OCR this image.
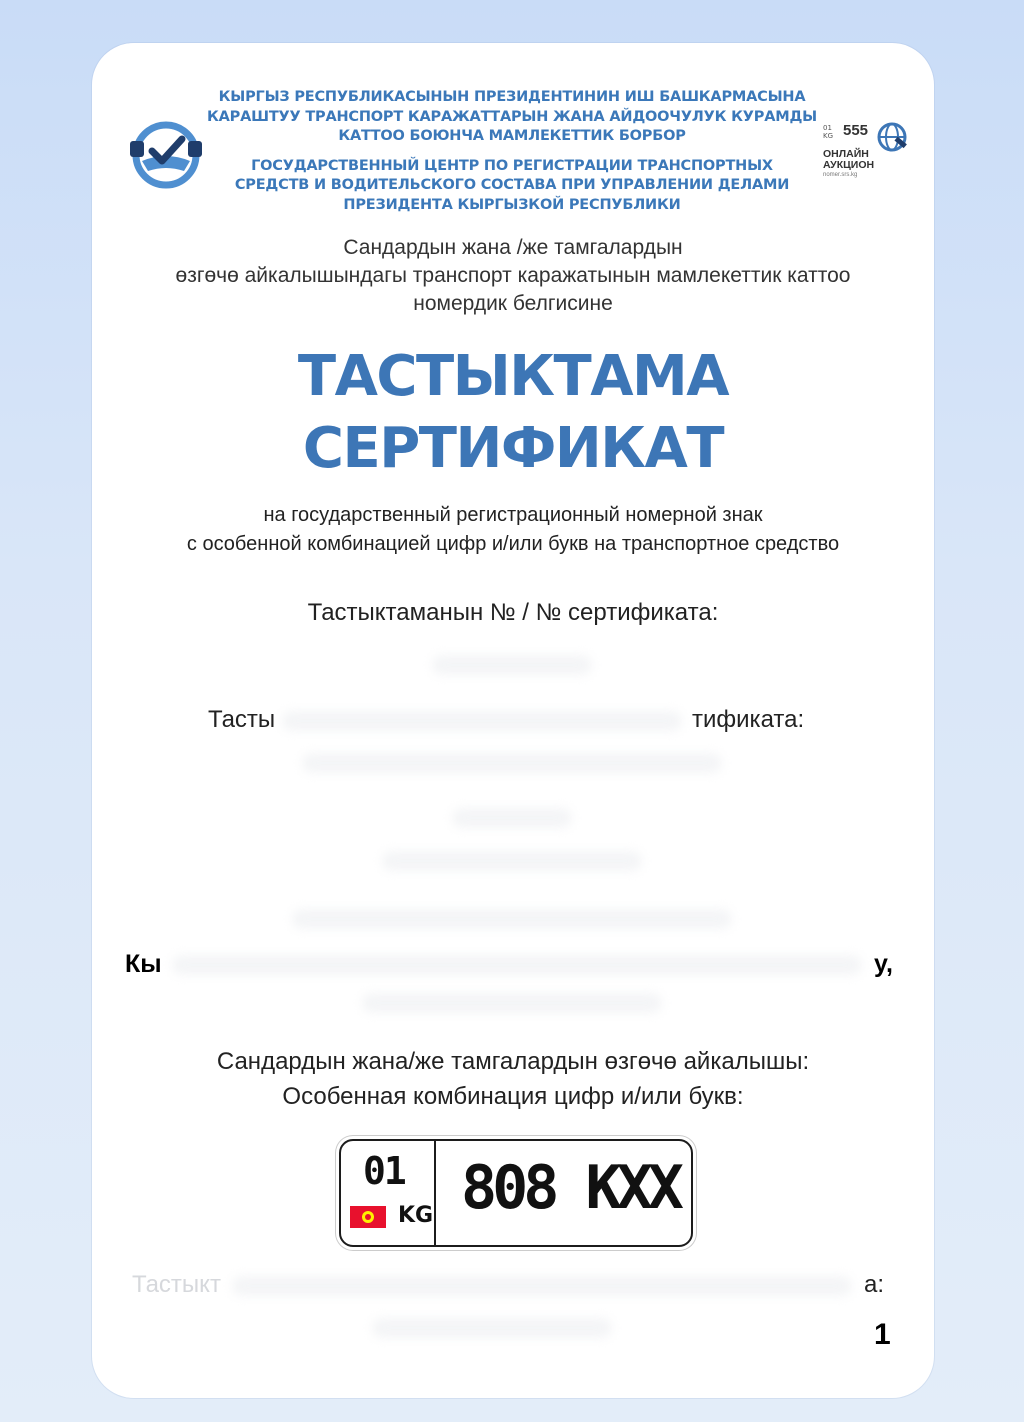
КЫРГЫЗ РЕСПУБЛИКАСЫНЫН ПРЕЗИДЕНТИНИН ИШ БАШКАРМАСЫНА
КАРАШТУУ ТРАНСПОРТ КАРАЖАТТАРЫН ЖАНА АЙДООЧУЛУК КУРАМДЫ
КАТТОО БОЮНЧА МАМЛЕКЕТТИК БОРБОР
ГОСУДАРСТВЕННЫЙ ЦЕНТР ПО РЕГИСТРАЦИИ ТРАНСПОРТНЫХ
СРЕДСТВ И ВОДИТЕЛЬСКОГО СОСТАВА ПРИ УПРАВЛЕНИИ ДЕЛАМИ
ПРЕЗИДЕНТА КЫРГЫЗКОЙ РЕСПУБЛИКИ
01
KG 555
ОНЛАЙН
АУКЦИОН
nomer.srs.kg
Сандардын жана /же тамгалардын
өзгөчө айкалышындагы транспорт каражатынын мамлекеттик каттоо
номердик белгисине
ТАСТЫКТАМА
СЕРТИФИКАТ
на государственный регистрационный номерной знак
с особенной комбинацией цифр и/или букв на транспортное средство
Тастыктаманын № / № сертификата:
Тасты	тификата:
Кы	у,
Сандардын жана/же тамгалардын өзгөчө айкалышы:
Особенная комбинация цифр и/или букв:
01
KG 808 KXX
Тастыкт	а:
1
